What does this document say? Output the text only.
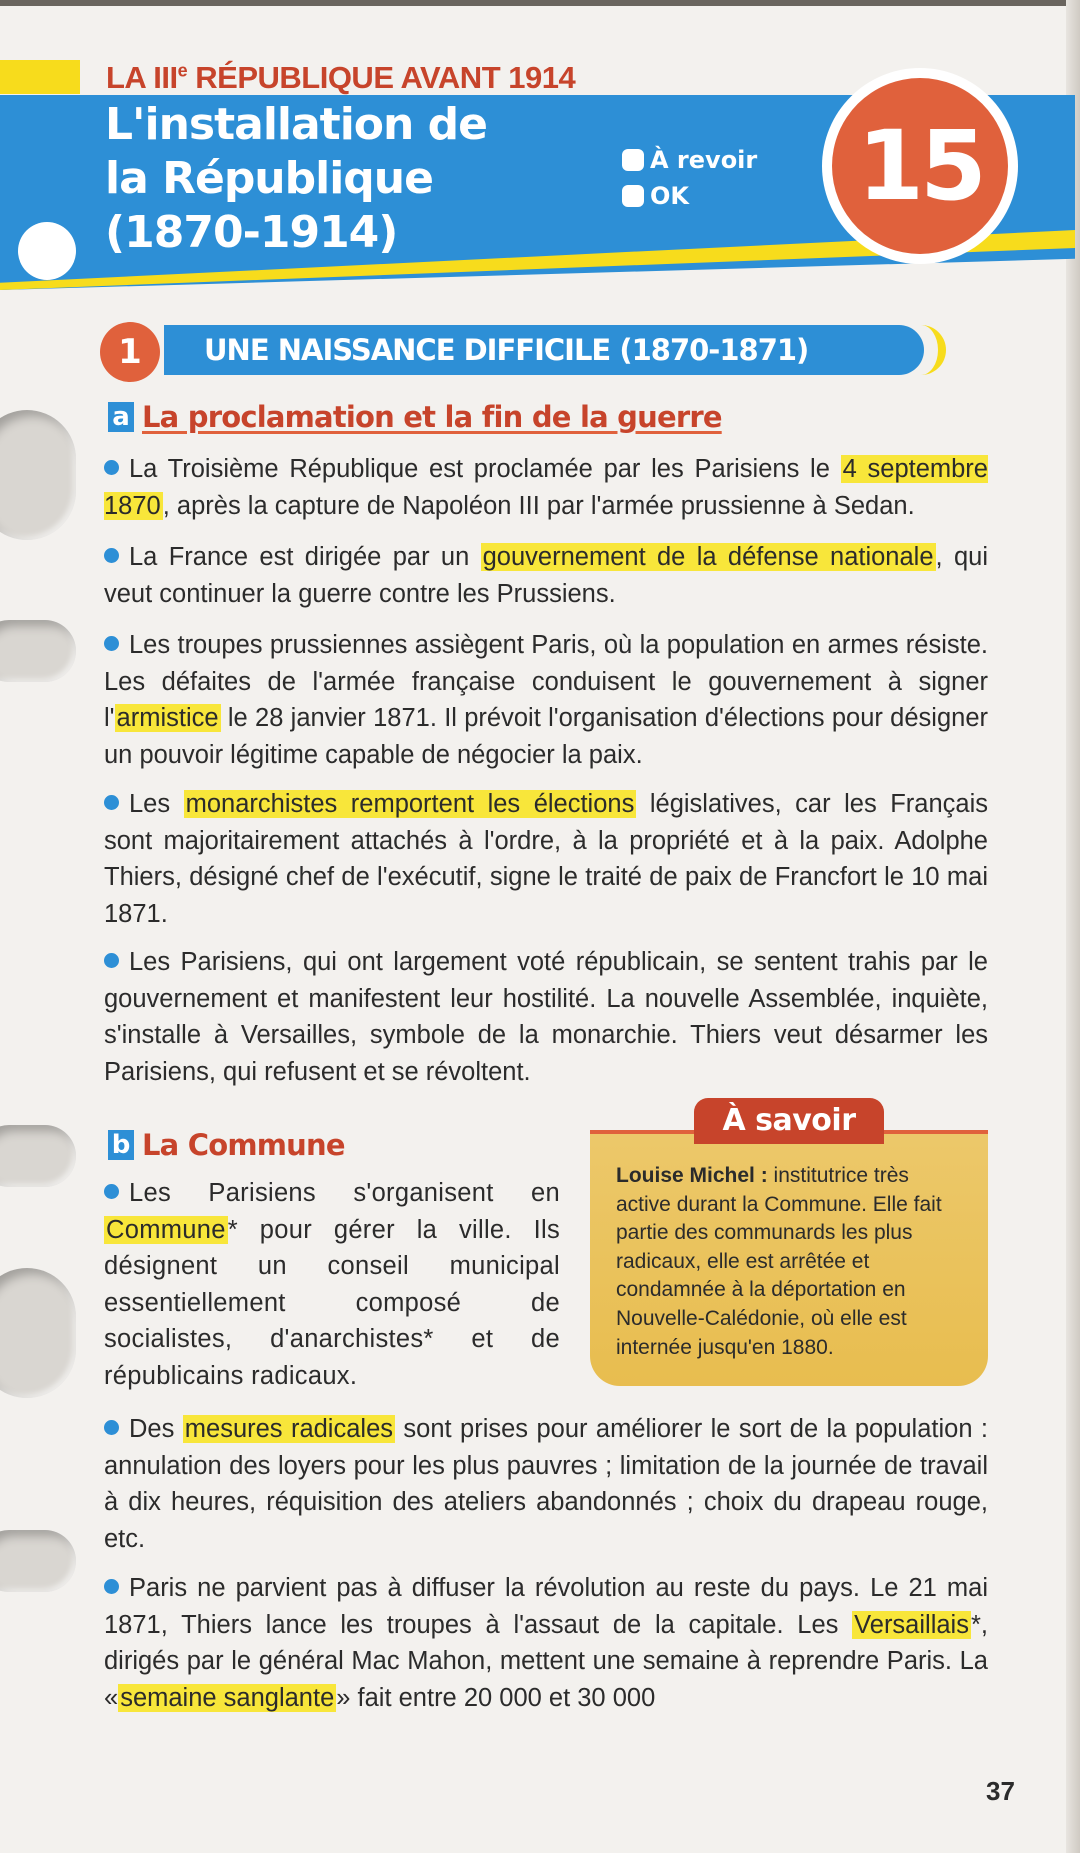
LA IIIe RÉPUBLIQUE AVANT 1914
L'installation de
la République
(1870-1914)
À revoir
OK 15
1	UNE NAISSANCE DIFFICILE (1870-1871)
a La proclamation et la fin de la guerre
La Troisième République est proclamée par les Parisiens le 4 septembre 1870, après la capture de Napoléon III par l'armée prussienne à Sedan.
La France est dirigée par un gouvernement de la défense nationale, qui veut continuer la guerre contre les Prussiens.
Les troupes prussiennes assiègent Paris, où la population en armes résiste. Les défaites de l'armée française conduisent le gouvernement à signer l'armistice le 28 janvier 1871. Il prévoit l'organisation d'élections pour désigner un pouvoir légitime capable de négocier la paix.
Les monarchistes remportent les élections législatives, car les Français sont majoritairement attachés à l'ordre, à la propriété et à la paix. Adolphe Thiers, désigné chef de l'exécutif, signe le traité de paix de Francfort le 10 mai 1871.
Les Parisiens, qui ont largement voté républicain, se sentent trahis par le gouvernement et manifestent leur hostilité. La nouvelle Assemblée, inquiète, s'installe à Versailles, symbole de la monarchie. Thiers veut désarmer les Parisiens, qui refusent et se révoltent.
b La Commune
Les Parisiens s'organisent en Commune* pour gérer la ville. Ils désignent un conseil municipal essentiellement composé de socialistes, d'anarchistes* et de républicains radicaux.
À savoir
Louise Michel : institutrice très active durant la Commune. Elle fait partie des communards les plus radicaux, elle est arrêtée et condamnée à la déportation en Nouvelle-Calédonie, où elle est internée jusqu'en 1880.
Des mesures radicales sont prises pour améliorer le sort de la population : annulation des loyers pour les plus pauvres ; limitation de la journée de travail à dix heures, réquisition des ateliers abandonnés ; choix du drapeau rouge, etc.
Paris ne parvient pas à diffuser la révolution au reste du pays. Le 21 mai 1871, Thiers lance les troupes à l'assaut de la capitale. Les Versaillais*, dirigés par le général Mac Mahon, mettent une semaine à reprendre Paris. La «semaine sanglante» fait entre 20 000 et 30 000
37
